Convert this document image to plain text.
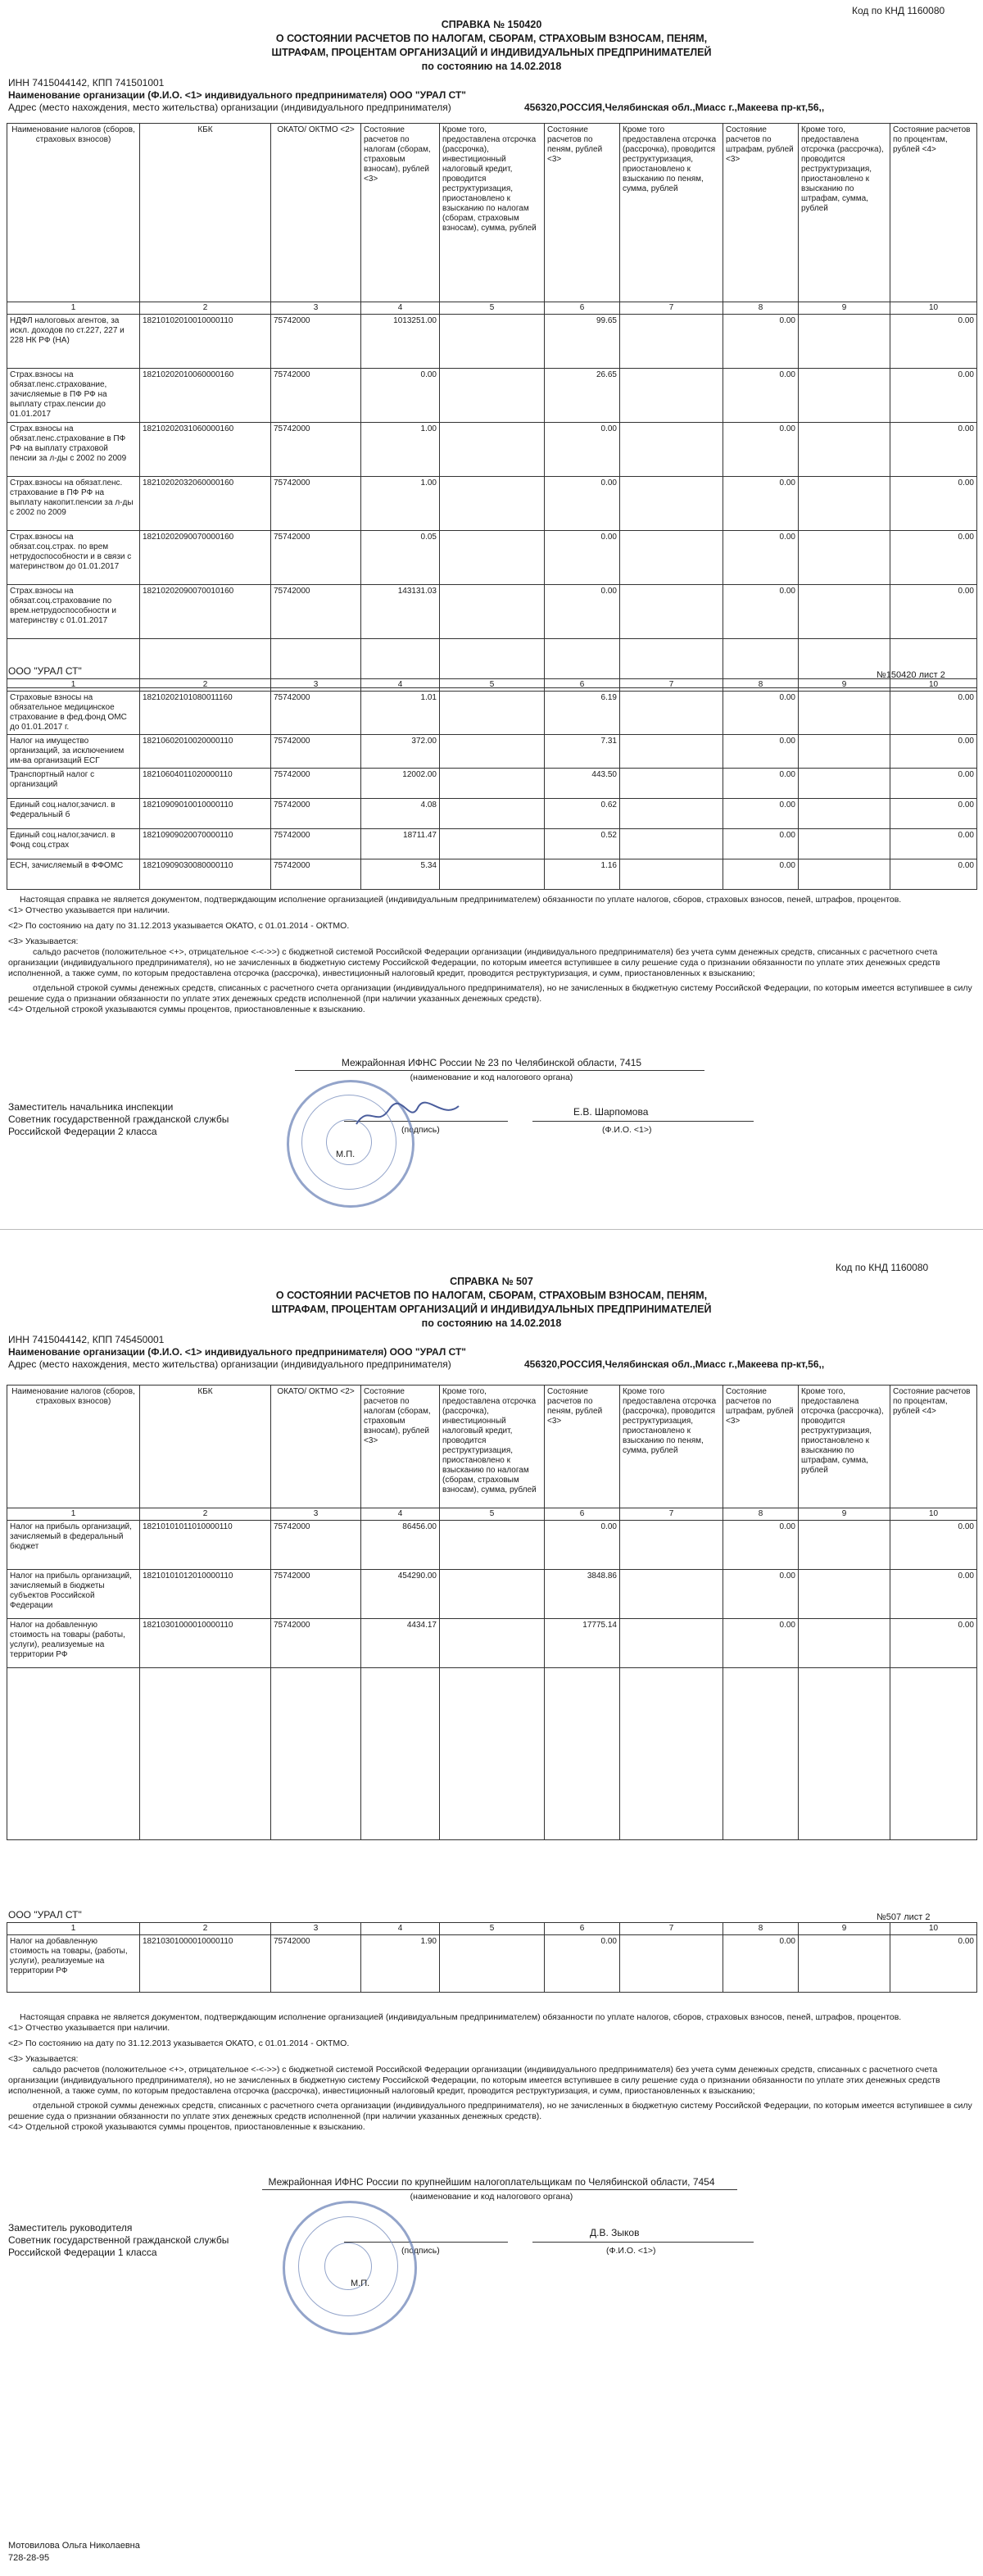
Код по КНД 1160080
СПРАВКА № 150420
О СОСТОЯНИИ РАСЧЕТОВ ПО НАЛОГАМ, СБОРАМ, СТРАХОВЫМ ВЗНОСАМ, ПЕНЯМ,
ШТРАФАМ, ПРОЦЕНТАМ ОРГАНИЗАЦИЙ И ИНДИВИДУАЛЬНЫХ ПРЕДПРИНИМАТЕЛЕЙ
по состоянию на 14.02.2018
ИНН 7415044142, КПП 741501001
Наименование организации (Ф.И.О. <1> индивидуального предпринимателя) ООО "УРАЛ СТ"
Адрес (место нахождения, место жительства) организации (индивидуального предпринимателя)	456320,РОССИЯ,Челябинская обл.,Миасс г.,Макеева пр-кт,56,,
Наименование налогов (сборов, страховых взносов)	КБК	ОКАТО/ ОКТМО <2>	Состояние расчетов по налогам (сборам, страховым взносам), рублей <3>	Кроме того, предоставлена отсрочка (рассрочка), инвестиционный налоговый кредит, проводится реструктуризация, приостановлено к взысканию по налогам (сборам, страховым взносам), сумма, рублей	Состояние расчетов по пеням, рублей <3>	Кроме того предоставлена отсрочка (рассрочка), проводится реструктуризация, приостановлено к взысканию по пеням, сумма, рублей	Состояние расчетов по штрафам, рублей <3>	Кроме того, предоставлена отсрочка (рассрочка), проводится реструктуризация, приостановлено к взысканию по штрафам, сумма, рублей	Состояние расчетов по процентам, рублей <4>
1	2	3	4	5	6	7	8	9	10
НДФЛ налоговых агентов, за искл. доходов по ст.227, 227 и 228 НК РФ (НА)	18210102010010000110	75742000	1013251.00		99.65		0.00		0.00
Страх.взносы на обязат.пенс.страхование, зачисляемые в ПФ РФ на выплату страх.пенсии до 01.01.2017	18210202010060000160	75742000	0.00		26.65		0.00		0.00
Страх.взносы на обязат.пенс.страхование в ПФ РФ на выплату страховой пенсии за л-ды с 2002 по 2009	18210202031060000160	75742000	1.00		0.00		0.00		0.00
Страх.взносы на обязат.пенс. страхование в ПФ РФ на выплату накопит.пенсии за л-ды с 2002 по 2009	18210202032060000160	75742000	1.00		0.00		0.00		0.00
Страх.взносы на обязат.соц.страх. по врем нетрудоспособности и в связи с материнством до 01.01.2017	18210202090070000160	75742000	0.05		0.00		0.00		0.00
Страх.взносы на обязат.соц.страхование по врем.нетрудоспособности и материнству с 01.01.2017	18210202090070010160	75742000	143131.03		0.00		0.00		0.00

ООО "УРАЛ СТ"	№150420 лист 2
1	2	3	4	5	6	7	8	9	10
Страховые взносы на обязательное медицинское страхование в фед.фонд ОМС до 01.01.2017 г.	18210202101080011160	75742000	1.01		6.19		0.00		0.00
Налог на имущество организаций, за исключением им-ва организаций ЕСГ	18210602010020000110	75742000	372.00		7.31		0.00		0.00
Транспортный налог с организаций	18210604011020000110	75742000	12002.00		443.50		0.00		0.00
Единый соц.налог,зачисл. в Федеральный б	18210909010010000110	75742000	4.08		0.62		0.00		0.00
Единый соц.налог,зачисл. в Фонд соц.страх	18210909020070000110	75742000	18711.47		0.52		0.00		0.00
ЕСН, зачисляемый в ФФОМС	18210909030080000110	75742000	5.34		1.16		0.00		0.00

Настоящая справка не является документом, подтверждающим исполнение организацией (индивидуальным предпринимателем) обязанности по уплате налогов, сборов, страховых взносов, пеней, штрафов, процентов.

<1> Отчество указывается при наличии.

<2> По состоянию на дату по 31.12.2013 указывается ОКАТО, с 01.01.2014 - ОКТМО.

<3> Указывается:

сальдо расчетов (положительное <+>, отрицательное <-<->>) с бюджетной системой Российской Федерации организации (индивидуального предпринимателя) без учета сумм денежных средств, списанных с расчетного счета организации (индивидуального предпринимателя), но не зачисленных в бюджетную систему Российской Федерации, по которым имеется вступившее в силу решение суда о признании обязанности по уплате этих денежных средств исполненной, а также сумм, по которым предоставлена отсрочка (рассрочка), инвестиционный налоговый кредит, проводится реструктуризация, и сумм, приостановленных к взысканию;

отдельной строкой суммы денежных средств, списанных с расчетного счета организации (индивидуального предпринимателя), но не зачисленных в бюджетную систему Российской Федерации, по которым имеется вступившее в силу решение суда о признании обязанности по уплате этих денежных средств исполненной (при наличии указанных денежных средств).

<4> Отдельной строкой указываются суммы процентов, приостановленные к взысканию.

Межрайонная ИФНС России № 23 по Челябинской области, 7415
(наименование и код налогового органа)
Заместитель начальника инспекции
Советник государственной гражданской службы
Российской Федерации 2 класса	(подпись)
Е.В. Шарпомова
(Ф.И.О. <1>)
М.П.
Код по КНД 1160080
СПРАВКА № 507
О СОСТОЯНИИ РАСЧЕТОВ ПО НАЛОГАМ, СБОРАМ, СТРАХОВЫМ ВЗНОСАМ, ПЕНЯМ,
ШТРАФАМ, ПРОЦЕНТАМ ОРГАНИЗАЦИЙ И ИНДИВИДУАЛЬНЫХ ПРЕДПРИНИМАТЕЛЕЙ
по состоянию на 14.02.2018
ИНН 7415044142, КПП 745450001
Наименование организации (Ф.И.О. <1> индивидуального предпринимателя) ООО "УРАЛ СТ"
Адрес (место нахождения, место жительства) организации (индивидуального предпринимателя)	456320,РОССИЯ,Челябинская обл.,Миасс г.,Макеева пр-кт,56,,
Наименование налогов (сборов, страховых взносов)	КБК	ОКАТО/ ОКТМО <2>	Состояние расчетов по налогам (сборам, страховым взносам), рублей <3>	Кроме того, предоставлена отсрочка (рассрочка), инвестиционный налоговый кредит, проводится реструктуризация, приостановлено к взысканию по налогам (сборам, страховым взносам), сумма, рублей	Состояние расчетов по пеням, рублей <3>	Кроме того предоставлена отсрочка (рассрочка), проводится реструктуризация, приостановлено к взысканию по пеням, сумма, рублей	Состояние расчетов по штрафам, рублей <3>	Кроме того, предоставлена отсрочка (рассрочка), проводится реструктуризация, приостановлено к взысканию по штрафам, сумма, рублей	Состояние расчетов по процентам, рублей <4>
1	2	3	4	5	6	7	8	9	10
Налог на прибыль организаций, зачисляемый в федеральный бюджет	18210101011010000110	75742000	86456.00		0.00		0.00		0.00
Налог на прибыль организаций, зачисляемый в бюджеты субъектов Российской Федерации	18210101012010000110	75742000	454290.00		3848.86		0.00		0.00
Налог на добавленную стоимость на товары (работы, услуги), реализуемые на территории РФ	18210301000010000110	75742000	4434.17		17775.14		0.00		0.00

ООО "УРАЛ СТ"	№507 лист 2
1	2	3	4	5	6	7	8	9	10
Налог на добавленную стоимость на товары, (работы, услуги), реализуемые на территории РФ	18210301000010000110	75742000	1.90		0.00		0.00		0.00

Настоящая справка не является документом, подтверждающим исполнение организацией (индивидуальным предпринимателем) обязанности по уплате налогов, сборов, страховых взносов, пеней, штрафов, процентов.

<1> Отчество указывается при наличии.

<2> По состоянию на дату по 31.12.2013 указывается ОКАТО, с 01.01.2014 - ОКТМО.

<3> Указывается:

сальдо расчетов (положительное <+>, отрицательное <-<->>) с бюджетной системой Российской Федерации организации (индивидуального предпринимателя) без учета сумм денежных средств, списанных с расчетного счета организации (индивидуального предпринимателя), но не зачисленных в бюджетную систему Российской Федерации, по которым имеется вступившее в силу решение суда о признании обязанности по уплате этих денежных средств исполненной, а также сумм, по которым предоставлена отсрочка (рассрочка), инвестиционный налоговый кредит, проводится реструктуризация, и сумм, приостановленных к взысканию;

отдельной строкой суммы денежных средств, списанных с расчетного счета организации (индивидуального предпринимателя), но не зачисленных в бюджетную систему Российской Федерации, по которым имеется вступившее в силу решение суда о признании обязанности по уплате этих денежных средств исполненной (при наличии указанных денежных средств).

<4> Отдельной строкой указываются суммы процентов, приостановленные к взысканию.

Межрайонная ИФНС России по крупнейшим налогоплательщикам по Челябинской области, 7454
(наименование и код налогового органа)
Заместитель руководителя
Советник государственной гражданской службы
Российской Федерации 1 класса	(подпись)
Д.В. Зыков
(Ф.И.О. <1>)
М.П.
Мотовилова Ольга Николаевна
728-28-95
